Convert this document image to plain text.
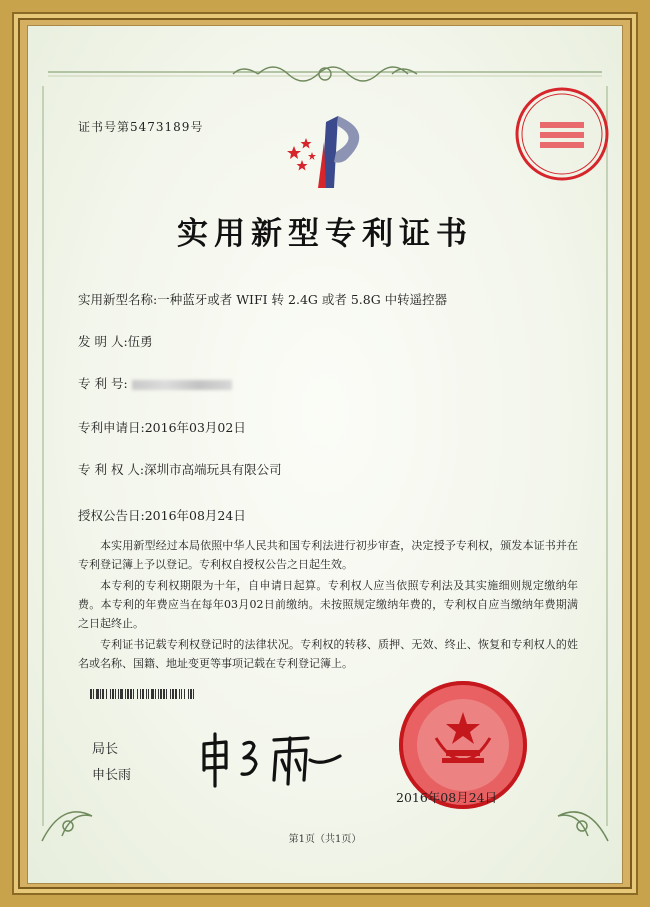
证书号第5473189号
实用新型专利证书
实用新型名称:一种蓝牙或者 WIFI 转 2.4G 或者 5.8G 中转遥控器
发 明 人:伍勇
专 利 号:
专利申请日:2016年03月02日
专 利 权 人:深圳市高端玩具有限公司
授权公告日:2016年08月24日

本实用新型经过本局依照中华人民共和国专利法进行初步审查，决定授予专利权，颁发本证书并在专利登记簿上予以登记。专利权自授权公告之日起生效。

本专利的专利权期限为十年，自申请日起算。专利权人应当依照专利法及其实施细则规定缴纳年费。本专利的年费应当在每年03月02日前缴纳。未按照规定缴纳年费的，专利权自应当缴纳年费期满之日起终止。

专利证书记载专利权登记时的法律状况。专利权的转移、质押、无效、终止、恢复和专利权人的姓名或名称、国籍、地址变更等事项记载在专利登记簿上。

局长
申长雨
2016年08月24日
第1页（共1页）
